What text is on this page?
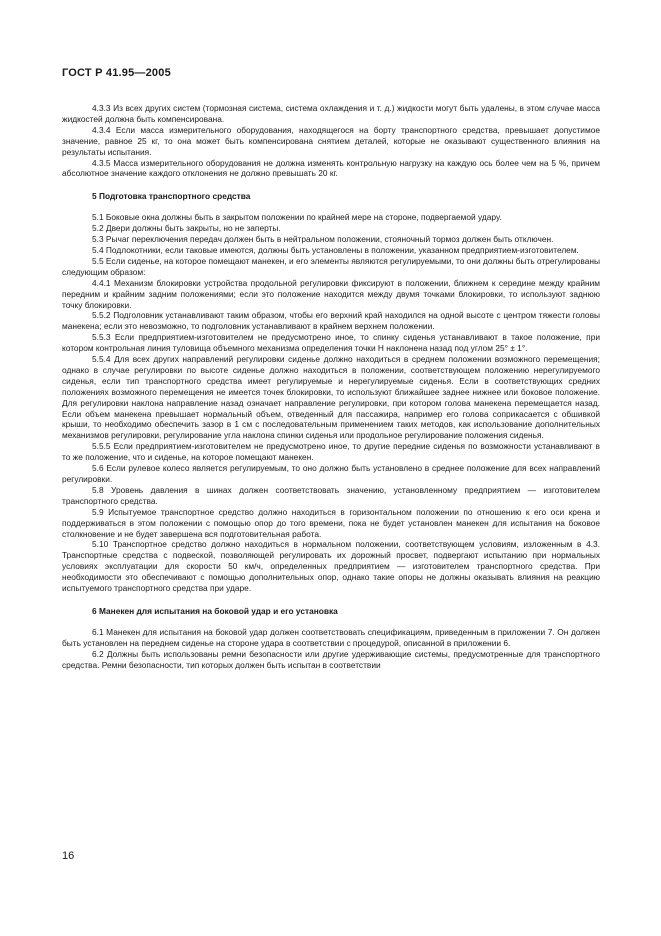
ГОСТ Р 41.95—2005

4.3.3 Из всех других систем (тормозная система, система охлаждения и т. д.) жидкости могут быть удалены, в этом случае масса жидкостей должна быть компенсирована.

4.3.4 Если масса измерительного оборудования, находящегося на борту транспортного средства, превышает допустимое значение, равное 25 кг, то она может быть компенсирована снятием деталей, которые не оказывают существенного влияния на результаты испытания.

4.3.5 Масса измерительного оборудования не должна изменять контрольную нагрузку на каждую ось более чем на 5 %, причем абсолютное значение каждого отклонения не должно превышать 20 кг.

5 Подготовка транспортного средства

5.1 Боковые окна должны быть в закрытом положении по крайней мере на стороне, подвергаемой удару.

5.2 Двери должны быть закрыты, но не заперты.

5.3 Рычаг переключения передач должен быть в нейтральном положении, стояночный тормоз должен быть отключен.

5.4 Подлокотники, если таковые имеются, должны быть установлены в положении, указанном предприятием-изготовителем.

5.5 Если сиденье, на которое помещают манекен, и его элементы являются регулируемыми, то они должны быть отрегулированы следующим образом:

4.4.1 Механизм блокировки устройства продольной регулировки фиксируют в положении, ближнем к середине между крайним передним и крайним задним положениями; если это положение находится между двумя точками блокировки, то используют заднюю точку блокировки.

5.5.2 Подголовник устанавливают таким образом, чтобы его верхний край находился на одной высоте с центром тяжести головы манекена; если это невозможно, то подголовник устанавливают в крайнем верхнем положении.

5.5.3 Если предприятием-изготовителем не предусмотрено иное, то спинку сиденья устанавливают в такое положение, при котором контрольная линия туловища объемного механизма определения точки H наклонена назад под углом 25° ± 1°.

5.5.4 Для всех других направлений регулировки сиденье должно находиться в среднем положении возможного перемещения; однако в случае регулировки по высоте сиденье должно находиться в положении, соответствующем положению нерегулируемого сиденья, если тип транспортного средства имеет регулируемые и нерегулируемые сиденья. Если в соответствующих средних положениях возможного перемещения не имеется точек блокировки, то используют ближайшее заднее нижнее или боковое положение. Для регулировки наклона направление назад означает направление регулировки, при котором голова манекена перемещается назад. Если объем манекена превышает нормальный объем, отведенный для пассажира, например его голова соприкасается с обшивкой крыши, то необходимо обеспечить зазор в 1 см с последовательным применением таких методов, как использование дополнительных механизмов регулировки, регулирование угла наклона спинки сиденья или продольное регулирование положения сиденья.

5.5.5 Если предприятием-изготовителем не предусмотрено иное, то другие передние сиденья по возможности устанавливают в то же положение, что и сиденье, на которое помещают манекен.

5.6 Если рулевое колесо является регулируемым, то оно должно быть установлено в среднее положение для всех направлений регулировки.

5.8 Уровень давления в шинах должен соответствовать значению, установленному предприятием — изготовителем транспортного средства.

5.9 Испытуемое транспортное средство должно находиться в горизонтальном положении по отношению к его оси крена и поддерживаться в этом положении с помощью опор до того времени, пока не будет установлен манекен для испытания на боковое столкновение и не будет завершена вся подготовительная работа.

5.10 Транспортное средство должно находиться в нормальном положении, соответствующем условиям, изложенным в 4.3. Транспортные средства с подвеской, позволяющей регулировать их дорожный просвет, подвергают испытанию при нормальных условиях эксплуатации для скорости 50 км/ч, определенных предприятием — изготовителем транспортного средства. При необходимости это обеспечивают с помощью дополнительных опор, однако такие опоры не должны оказывать влияния на реакцию испытуемого транспортного средства при ударе.

6 Манекен для испытания на боковой удар и его установка

6.1 Манекен для испытания на боковой удар должен соответствовать спецификациям, приведенным в приложении 7. Он должен быть установлен на переднем сиденье на стороне удара в соответствии с процедурой, описанной в приложении 6.

6.2 Должны быть использованы ремни безопасности или другие удерживающие системы, предусмотренные для транспортного средства. Ремни безопасности, тип которых должен быть испытан в соответствии

16
